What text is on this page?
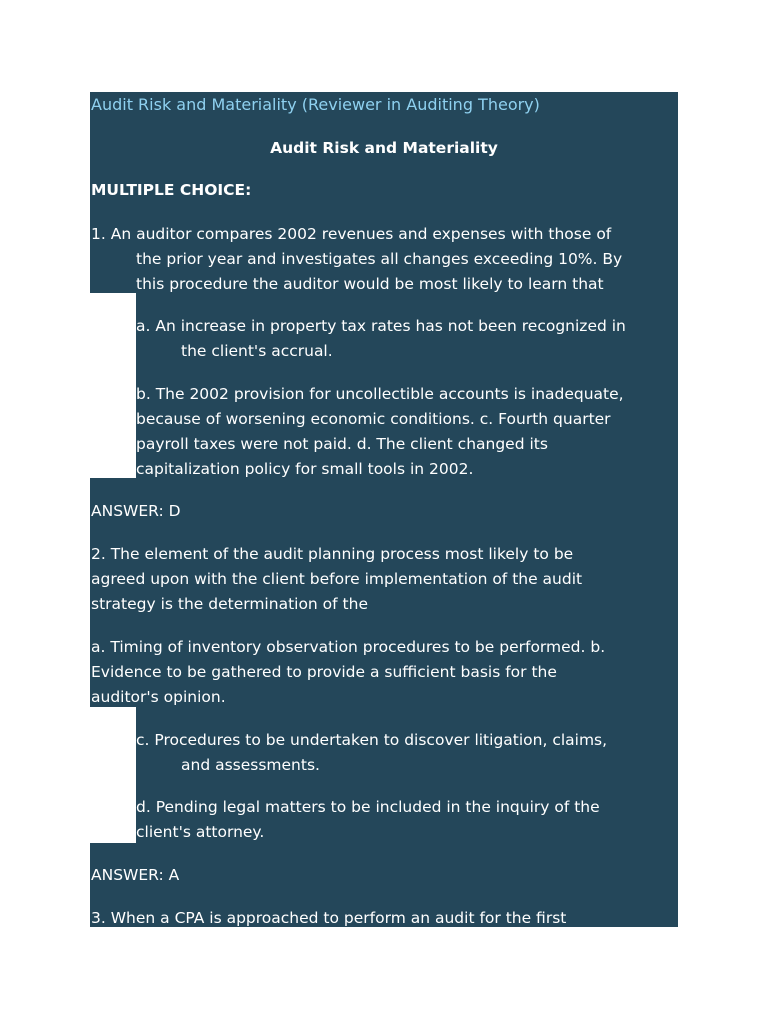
Audit Risk and Materiality (Reviewer in Auditing Theory)
Audit Risk and Materiality
MULTIPLE CHOICE:
1. An auditor compares 2002 revenues and expenses with those of
the prior year and investigates all changes exceeding 10%. By
this procedure the auditor would be most likely to learn that
a. An increase in property tax rates has not been recognized in
the client's accrual.
b. The 2002 provision for uncollectible accounts is inadequate,
because of worsening economic conditions. c. Fourth quarter
payroll taxes were not paid. d. The client changed its
capitalization policy for small tools in 2002.
ANSWER: D
2. The element of the audit planning process most likely to be
agreed upon with the client before implementation of the audit
strategy is the determination of the
a. Timing of inventory observation procedures to be performed. b.
Evidence to be gathered to provide a sufficient basis for the
auditor's opinion.
c. Procedures to be undertaken to discover litigation, claims,
and assessments.
d. Pending legal matters to be included in the inquiry of the
client's attorney.
ANSWER: A
3. When a CPA is approached to perform an audit for the first
